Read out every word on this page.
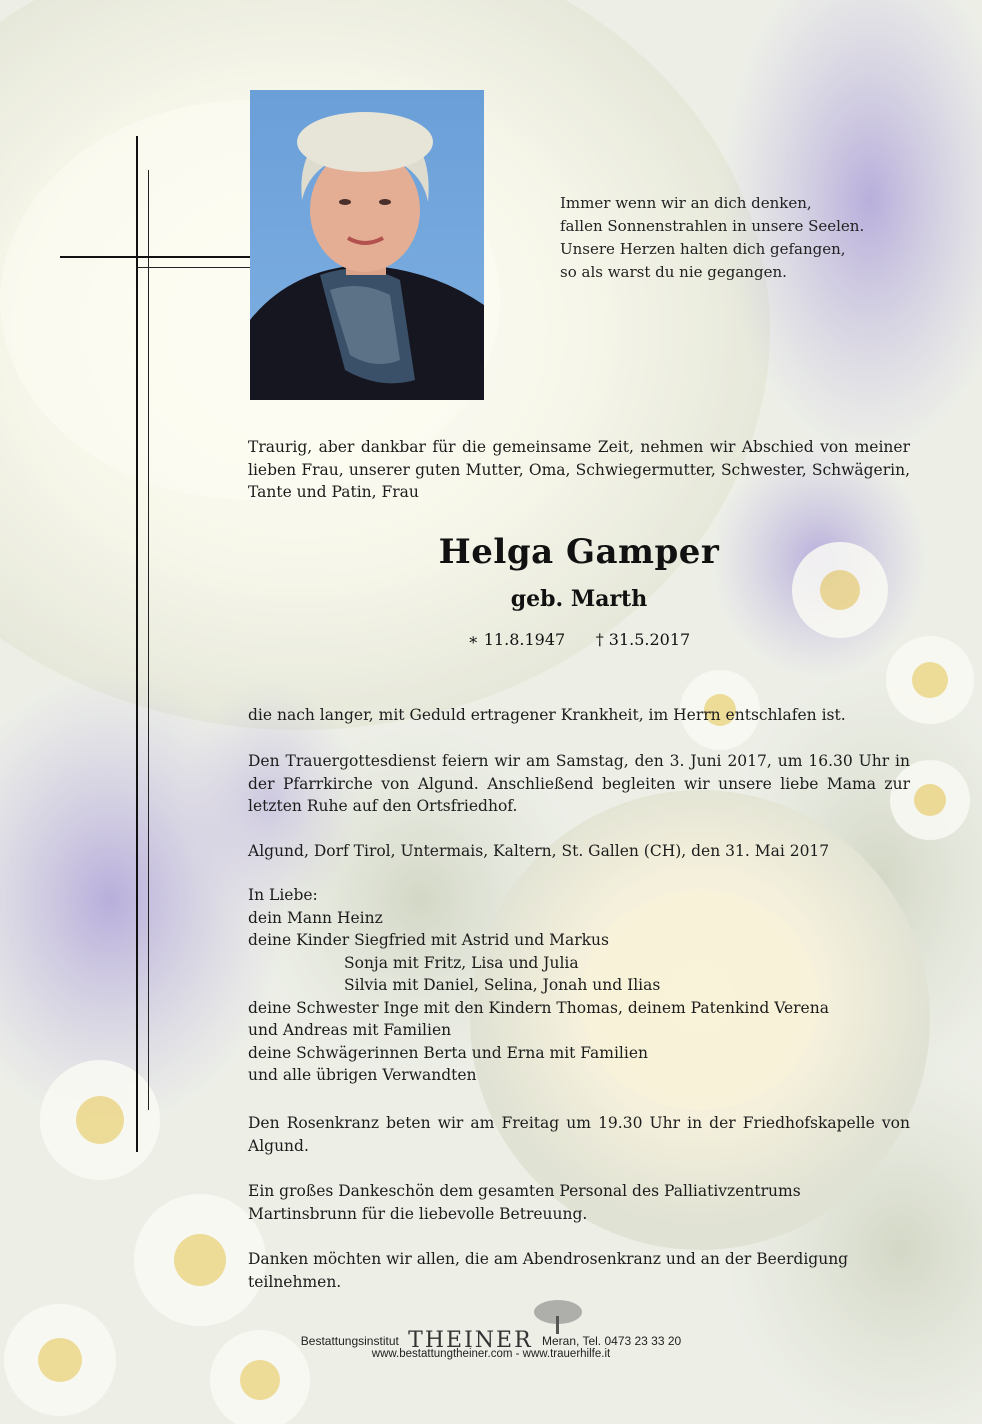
Immer wenn wir an dich denken,
fallen Sonnenstrahlen in unsere Seelen.
Unsere Herzen halten dich gefangen,
so als warst du nie gegangen.
Traurig, aber dankbar für die gemeinsame Zeit, nehmen wir Abschied von meiner lieben Frau, unserer guten Mutter, Oma, Schwiegermutter, Schwester, Schwägerin, Tante und Patin, Frau
Helga Gamper
geb. Marth
∗ 11.8.1947 † 31.5.2017
die nach langer, mit Geduld ertragener Krankheit, im Herrn entschlafen ist.
Den Trauergottesdienst feiern wir am Samstag, den 3. Juni 2017, um 16.30 Uhr in der Pfarrkirche von Algund. Anschließend begleiten wir unsere liebe Mama zur letzten Ruhe auf den Ortsfriedhof.
Algund, Dorf Tirol, Untermais, Kaltern, St. Gallen (CH), den 31. Mai 2017
In Liebe:
dein Mann Heinz
deine Kinder Siegfried mit Astrid und Markus
Sonja mit Fritz, Lisa und Julia
Silvia mit Daniel, Selina, Jonah und Ilias
deine Schwester Inge mit den Kindern Thomas, deinem Patenkind Verena
und Andreas mit Familien
deine Schwägerinnen Berta und Erna mit Familien
und alle übrigen Verwandten
Den Rosenkranz beten wir am Freitag um 19.30 Uhr in der Friedhofskapelle von Algund.
Ein großes Dankeschön dem gesamten Personal des Palliativzentrums Martinsbrunn für die liebevolle Betreuung.
Danken möchten wir allen, die am Abendrosenkranz und an der Beerdigung teilnehmen.
Bestattungsinstitut THEINER Meran, Tel. 0473 23 33 20
www.bestattungtheiner.com - www.trauerhilfe.it
